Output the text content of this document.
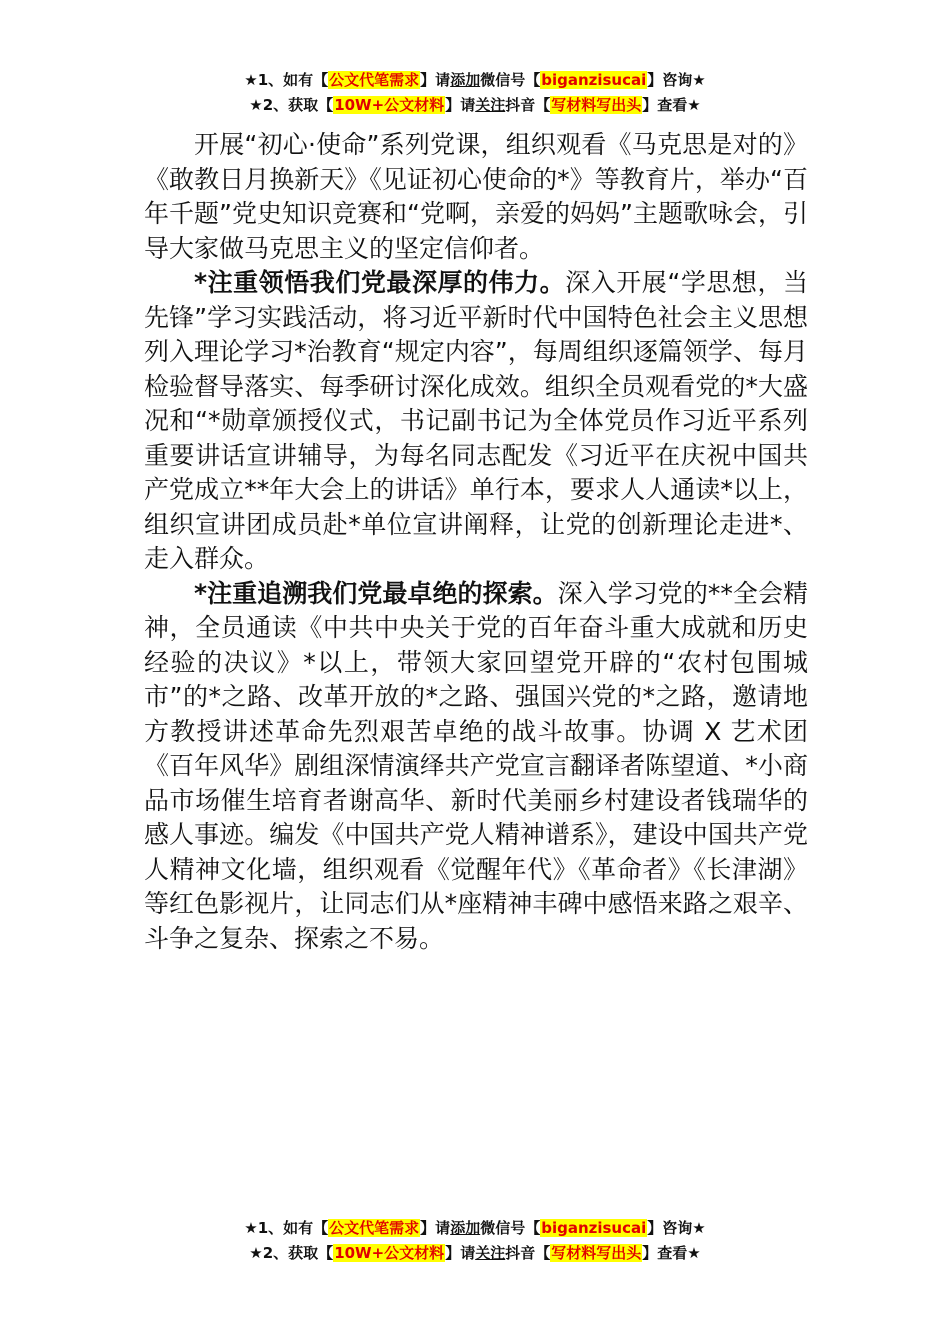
★1、如有【公文代笔需求】请添加微信号【biganzisucai】咨询★
★2、获取【10W+公文材料】请关注抖音【写材料写出头】查看★

开展“初心·使命”系列党课，组织观看《马克思是对的》《敢教日月换新天》《见证初心使命的*》等教育片，举办“百年千题”党史知识竞赛和“党啊，亲爱的妈妈”主题歌咏会，引导大家做马克思主义的坚定信仰者。

*注重领悟我们党最深厚的伟力。深入开展“学思想，当先锋”学习实践活动，将习近平新时代中国特色社会主义思想列入理论学习*治教育“规定内容”，每周组织逐篇领学、每月检验督导落实、每季研讨深化成效。组织全员观看党的*大盛况和“*勋章颁授仪式，书记副书记为全体党员作习近平系列重要讲话宣讲辅导，为每名同志配发《习近平在庆祝中国共产党成立**年大会上的讲话》单行本，要求人人通读*以上，组织宣讲团成员赴*单位宣讲阐释，让党的创新理论走进*、走入群众。

*注重追溯我们党最卓绝的探索。深入学习党的**全会精神，全员通读《中共中央关于党的百年奋斗重大成就和历史经验的决议》*以上，带领大家回望党开辟的“农村包围城市”的*之路、改革开放的*之路、强国兴党的*之路，邀请地方教授讲述革命先烈艰苦卓绝的战斗故事。协调 X 艺术团《百年风华》剧组深情演绎共产党宣言翻译者陈望道、*小商品市场催生培育者谢高华、新时代美丽乡村建设者钱瑞华的感人事迹。编发《中国共产党人精神谱系》，建设中国共产党人精神文化墙，组织观看《觉醒年代》《革命者》《长津湖》等红色影视片，让同志们从*座精神丰碑中感悟来路之艰辛、斗争之复杂、探索之不易。

★1、如有【公文代笔需求】请添加微信号【biganzisucai】咨询★
★2、获取【10W+公文材料】请关注抖音【写材料写出头】查看★
